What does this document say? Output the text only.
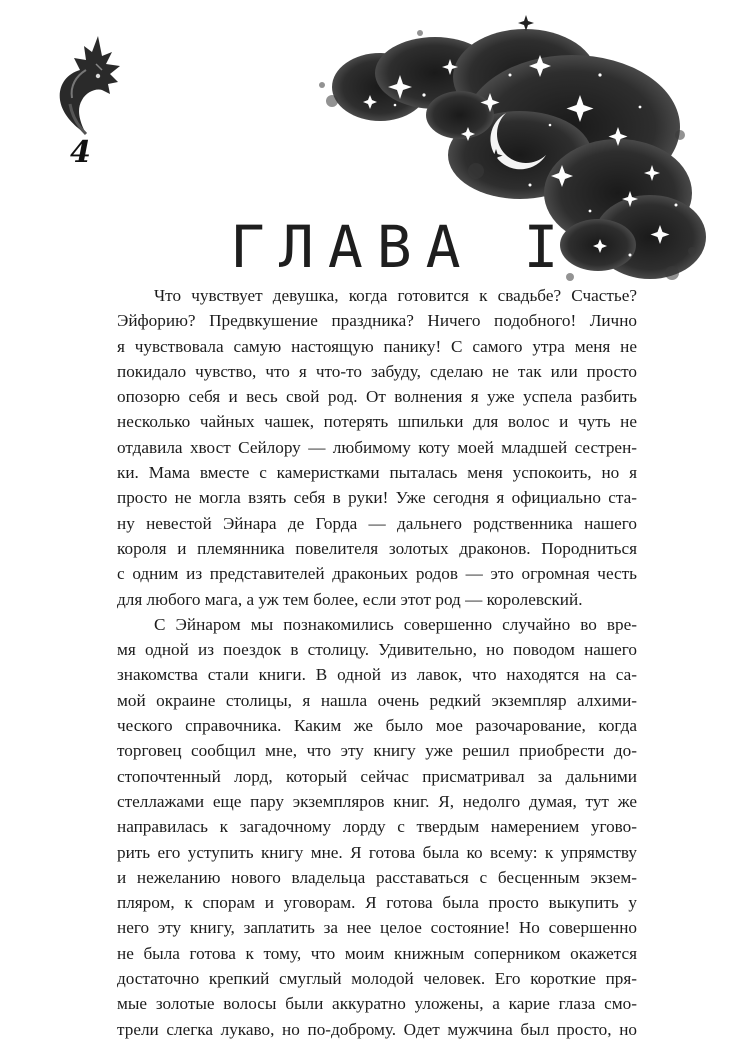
4
ГЛАВА I
Что чувствует девушка, когда готовится к свадьбе? Счастье?
Эйфорию? Предвкушение праздника? Ничего подобного! Лично
я чувствовала самую настоящую панику! С самого утра меня не
покидало чувство, что я что-то забуду, сделаю не так или просто
опозорю себя и весь свой род. От волнения я уже успела разбить
несколько чайных чашек, потерять шпильки для волос и чуть не
отдавила хвост Сейлору — любимому коту моей младшей сестрен-
ки. Мама вместе с камеристками пыталась меня успокоить, но я
просто не могла взять себя в руки! Уже сегодня я официально ста-
ну невестой Эйнара де Горда — дальнего родственника нашего
короля и племянника повелителя золотых драконов. Породниться
с одним из представителей драконьих родов — это огромная честь
для любого мага, а уж тем более, если этот род — королевский.
С Эйнаром мы познакомились совершенно случайно во вре-
мя одной из поездок в столицу. Удивительно, но поводом нашего
знакомства стали книги. В одной из лавок, что находятся на са-
мой окраине столицы, я нашла очень редкий экземпляр алхими-
ческого справочника. Каким же было мое разочарование, когда
торговец сообщил мне, что эту книгу уже решил приобрести до-
стопочтенный лорд, который сейчас присматривал за дальними
стеллажами еще пару экземпляров книг. Я, недолго думая, тут же
направилась к загадочному лорду с твердым намерением угово-
рить его уступить книгу мне. Я готова была ко всему: к упрямству
и нежеланию нового владельца расставаться с бесценным экзем-
пляром, к спорам и уговорам. Я готова была просто выкупить у
него эту книгу, заплатить за нее целое состояние! Но совершенно
не была готова к тому, что моим книжным соперником окажется
достаточно крепкий смуглый молодой человек. Его короткие пря-
мые золотые волосы были аккуратно уложены, а карие глаза смо-
трели слегка лукаво, но по-доброму. Одет мужчина был просто, но
